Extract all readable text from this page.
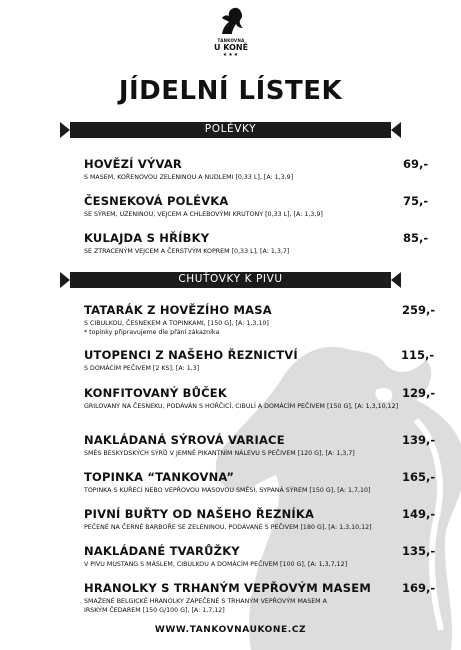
TANKOVNA
U KONĚ
★★★
JÍDELNÍ LÍSTEK
POLÉVKY
HOVĚZÍ VÝVAR
S MASEM, KOŘENOVOU ZELENINOU A NUDLEMI [0,33 L], [A: 1,3,9]
69,-
ČESNEKOVÁ POLÉVKA
SE SÝREM, UZENINOU, VEJCEM A CHLEBOVÝMI KRUTONY [0,33 L], [A: 1,3,9]
75,-
KULAJDA S HŘÍBKY
SE ZTRACENÝM VEJCEM A ČERSTVÝM KOPREM [0,33 L], [A: 1,3,7]
85,-
CHUŤOVKY K PIVU
TATARÁK Z HOVĚZÍHO MASA
S CIBULKOU, ČESNEKEM A TOPINKAMI, [150 G], [A: 1,3,10]
* topinky připravujeme dle přání zákazníka
259,-
UTOPENCI Z NAŠEHO ŘEZNICTVÍ
S DOMÁCÍM PEČIVEM [2 KS], [A: 1,3]
115,-
KONFITOVANÝ BŮČEK
GRILOVANÝ NA ČESNEKU, PODÁVÁN S HOŘČICÍ, CIBULÍ A DOMÁCÍM PEČIVEM [150 G], [A: 1,3,10,12]
129,-
NAKLÁDANÁ SÝROVÁ VARIACE
SMĚS BESKYDSKÝCH SÝRŮ V JEMNĚ PIKANTNÍM NÁLEVU S PEČIVEM [120 G], [A: 1,3,7]
139,-
TOPINKA “TANKOVNA”
TOPINKA S KUŘECÍ NEBO VEPŘOVOU MASOVOU SMĚSÍ, SYPANÁ SÝREM [150 G], [A: 1,7,10]
165,-
PIVNÍ BUŘTY OD NAŠEHO ŘEZNÍKA
PEČENÉ NA ČERNÉ BARBOŘE SE ZELENINOU, PODÁVANÉ S PEČIVEM [180 G], [A: 1,3,10,12]
149,-
NAKLÁDANÉ TVARŮŽKY
V PIVU MUSTANG S MÁSLEM, CIBULKOU A DOMÁCÍM PEČIVEM [100 G], [A: 1,3,7,12]
135,-
HRANOLKY S TRHANÝM VEPŘOVÝM MASEM
SMAŽENÉ BELGICKÉ HRANOLKY ZAPEČENÉ S TRHANÝM VEPŘOVÝM MASEM A IRSKÝM ČEDAREM [150 G/100 G], [A: 1,7,12]
169,-
WWW.TANKOVNAUKONE.CZ
